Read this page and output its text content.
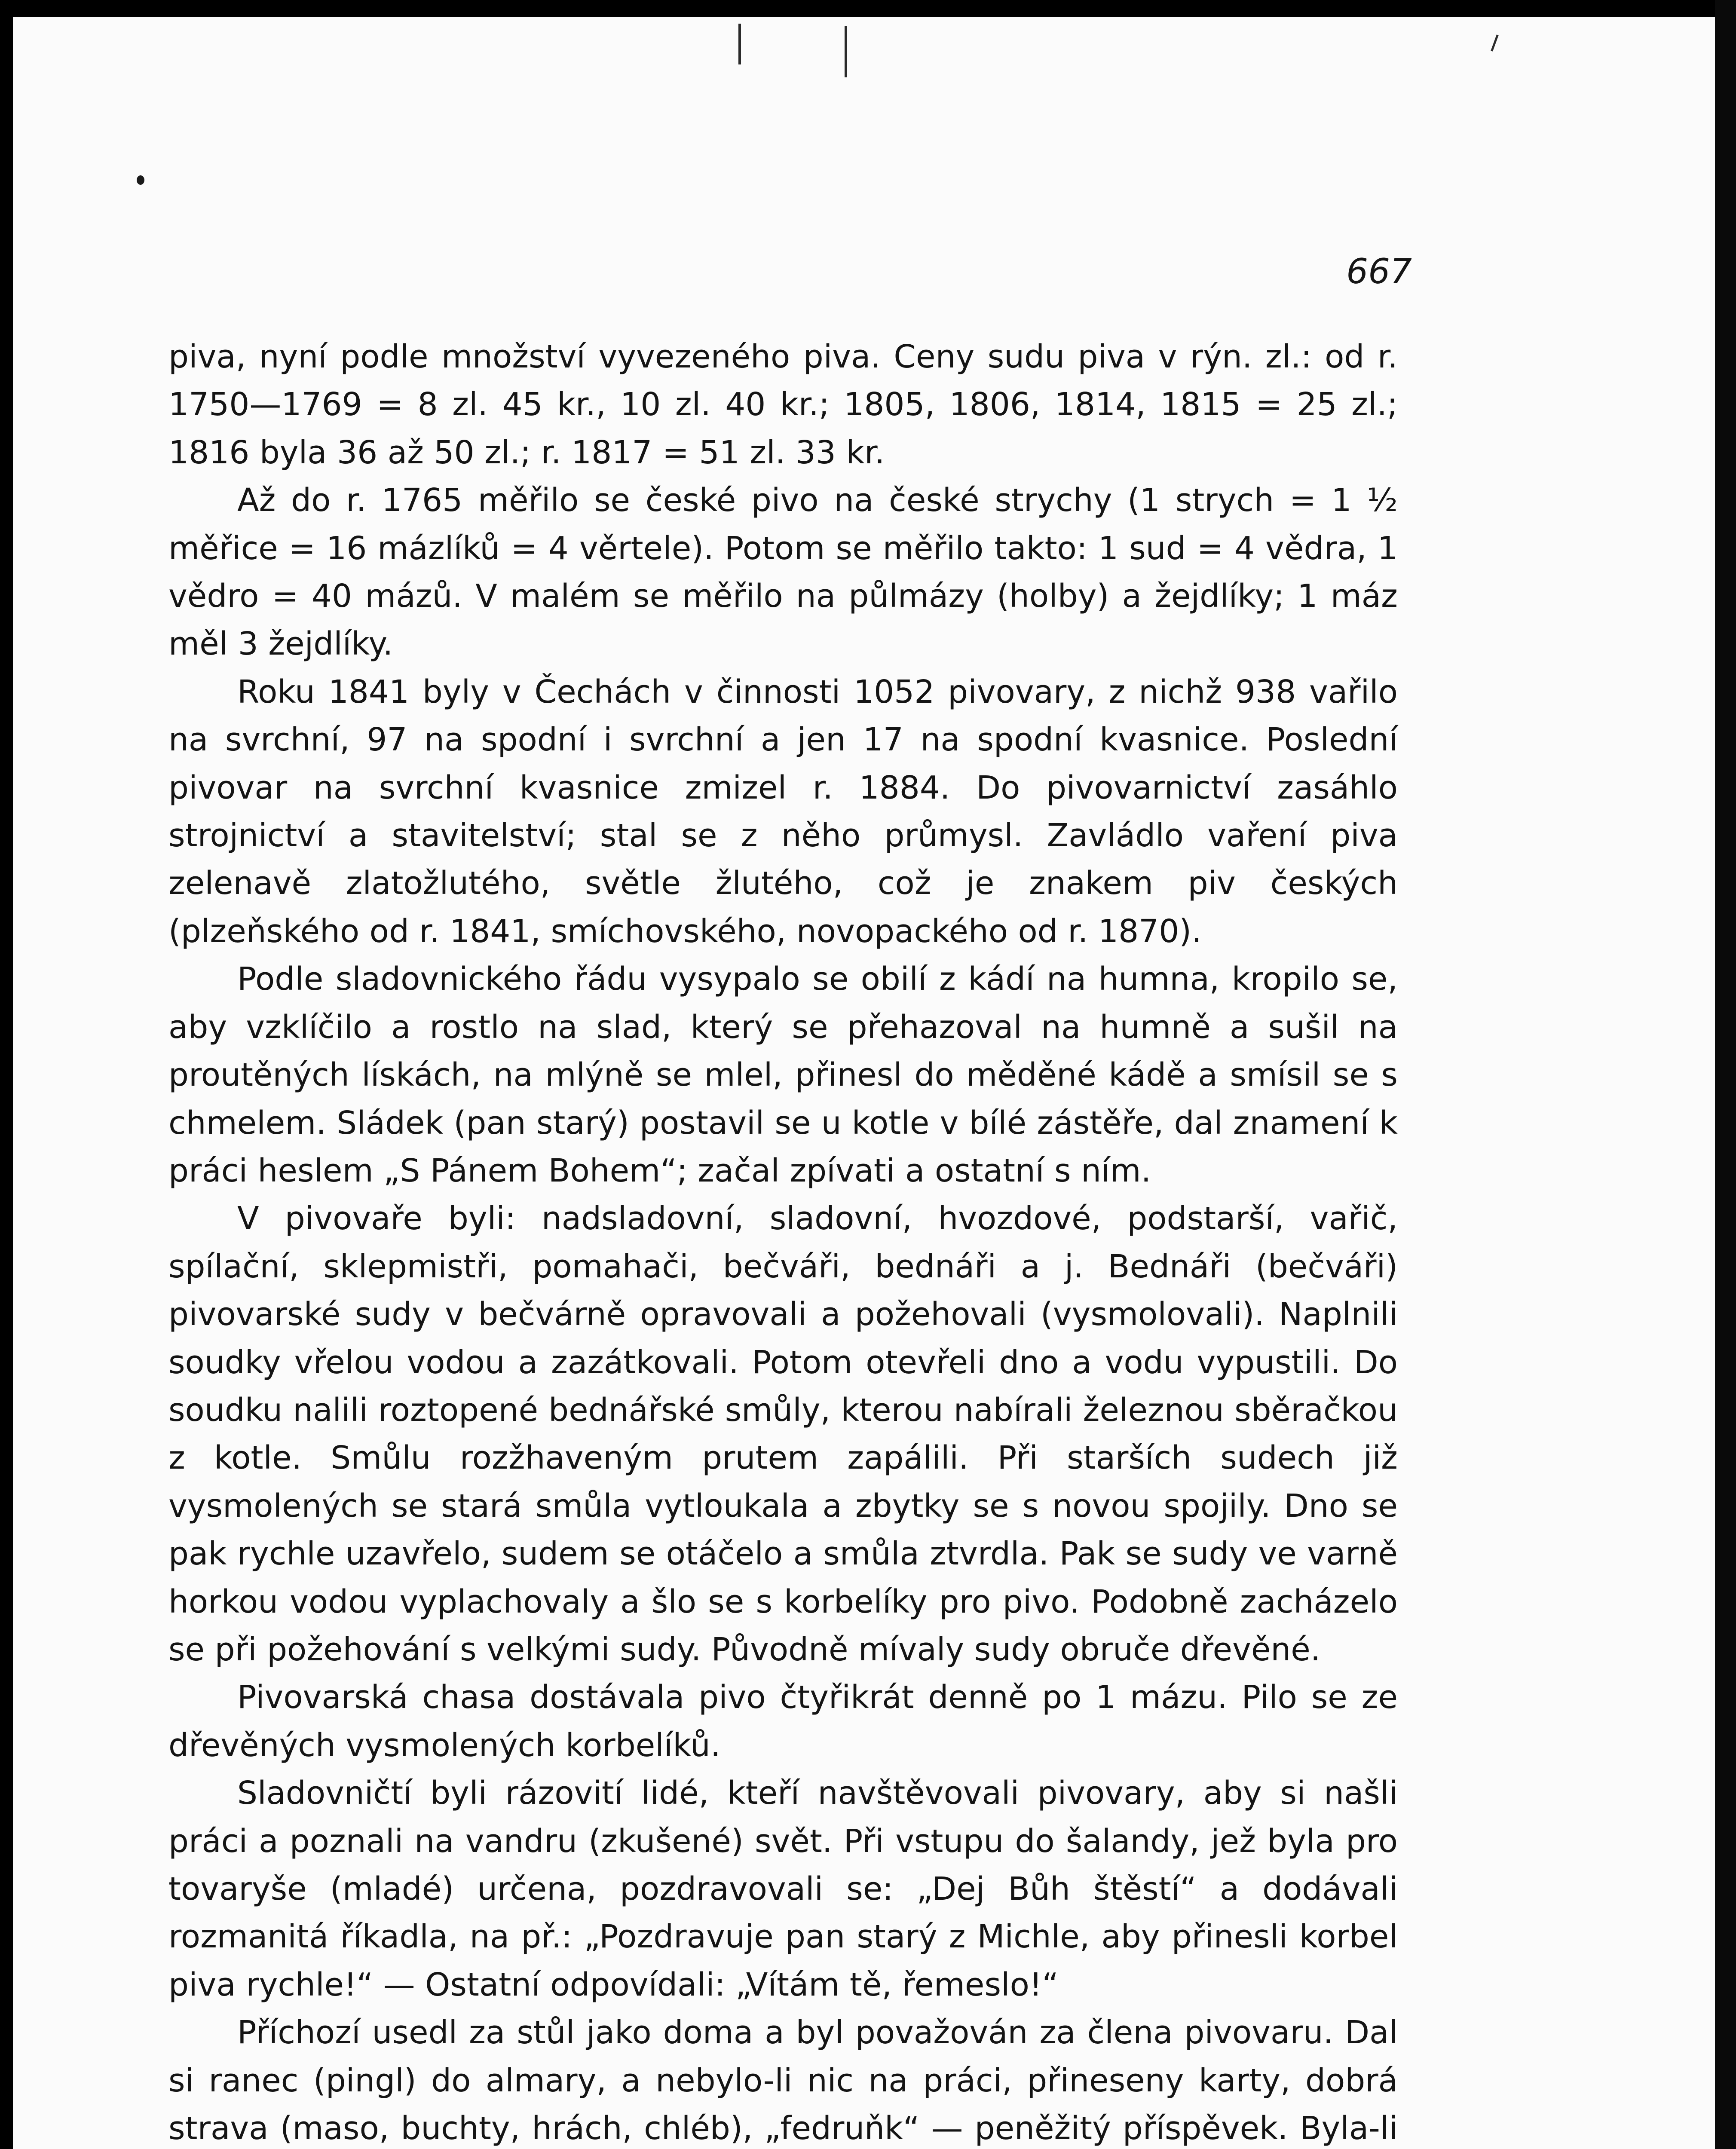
667

piva, nyní podle množství vyvezeného piva. Ceny sudu piva v rýn. zl.: od r. 1750—1769 = 8 zl. 45 kr., 10 zl. 40 kr.; 1805, 1806, 1814, 1815 = 25 zl.; 1816 byla 36 až 50 zl.; r. 1817 = 51 zl. 33 kr.

Až do r. 1765 měřilo se české pivo na české strychy (1 strych = 1 ½ měřice = 16 mázlíků = 4 věrtele). Potom se měřilo takto: 1 sud = 4 vědra, 1 vědro = 40 mázů. V malém se měřilo na půlmázy (holby) a žejdlíky; 1 máz měl 3 žejdlíky.

Roku 1841 byly v Čechách v činnosti 1052 pivovary, z nichž 938 vařilo na svrchní, 97 na spodní i svrchní a jen 17 na spodní kvasnice. Poslední pivovar na svrchní kvasnice zmizel r. 1884. Do pivovarnictví zasáhlo strojnictví a stavitelství; stal se z něho průmysl. Zavládlo vaření piva zelenavě zlatožlutého, světle žlutého, což je znakem piv českých (plzeňského od r. 1841, smíchovského, novopackého od r. 1870).

Podle sladovnického řádu vysypalo se obilí z kádí na humna, kropilo se, aby vzklíčilo a rostlo na slad, který se přehazoval na humně a sušil na proutěných lískách, na mlýně se mlel, přinesl do měděné kádě a smísil se s chmelem. Sládek (pan starý) postavil se u kotle v bílé zástěře, dal znamení k práci heslem „S Pánem Bohem“; začal zpívati a ostatní s ním.

V pivovaře byli: nadsladovní, sladovní, hvozdové, podstarší, vařič, spílační, sklepmistři, pomahači, bečváři, bednáři a j. Bednáři (bečváři) pivovarské sudy v bečvárně opravovali a požehovali (vysmolovali). Naplnili soudky vřelou vodou a zazátkovali. Potom otevřeli dno a vodu vypustili. Do soudku nalili roztopené bednářské smůly, kterou nabírali železnou sběračkou z kotle. Smůlu rozžhaveným prutem zapálili. Při starších sudech již vysmolených se stará smůla vytloukala a zbytky se s novou spojily. Dno se pak rychle uzavřelo, sudem se otáčelo a smůla ztvrdla. Pak se sudy ve varně horkou vodou vyplachovaly a šlo se s korbelíky pro pivo. Podobně zacházelo se při požehování s velkými sudy. Původně mívaly sudy obruče dřevěné.

Pivovarská chasa dostávala pivo čtyřikrát denně po 1 mázu. Pilo se ze dřevěných vysmolených korbelíků.

Sladovničtí byli rázovití lidé, kteří navštěvovali pivovary, aby si našli práci a poznali na vandru (zkušené) svět. Při vstupu do šalandy, jež byla pro tovaryše (mladé) určena, pozdravovali se: „Dej Bůh štěstí“ a dodávali rozmanitá říkadla, na př.: „Pozdravuje pan starý z Michle, aby přinesli korbel piva rychle!“ — Ostatní odpovídali: „Vítám tě, řemeslo!“

Příchozí usedl za stůl jako doma a byl považován za člena pivovaru. Dal si ranec (pingl) do almary, a nebylo-li nic na práci, přineseny karty, dobrá strava (maso, buchty, hrách, chléb), „fedruňk“ — peněžitý příspěvek. Byla-li
